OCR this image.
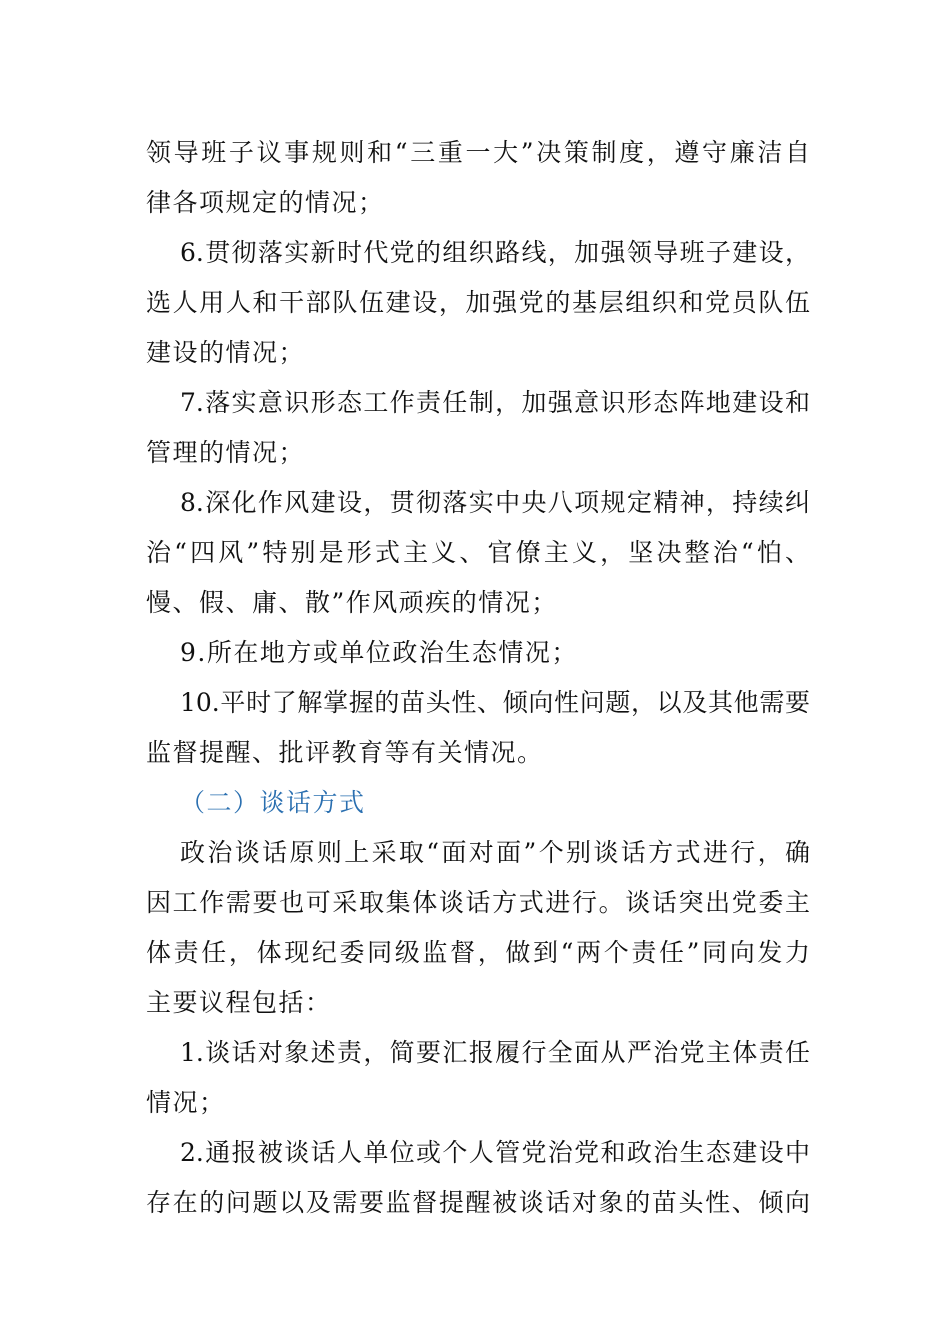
领导班子议事规则和“三重一大”决策制度，遵守廉洁自
律各项规定的情况；
6.贯彻落实新时代党的组织路线，加强领导班子建设，
选人用人和干部队伍建设，加强党的基层组织和党员队伍
建设的情况；
7.落实意识形态工作责任制，加强意识形态阵地建设和
管理的情况；
8.深化作风建设，贯彻落实中央八项规定精神，持续纠
治“四风”特别是形式主义、官僚主义，坚决整治“怕、
慢、假、庸、散”作风顽疾的情况；
9.所在地方或单位政治生态情况；
10.平时了解掌握的苗头性、倾向性问题，以及其他需要
监督提醒、批评教育等有关情况。
（二）谈话方式
政治谈话原则上采取“面对面”个别谈话方式进行，确
因工作需要也可采取集体谈话方式进行。谈话突出党委主
体责任，体现纪委同级监督，做到“两个责任”同向发力
主要议程包括：
1.谈话对象述责，简要汇报履行全面从严治党主体责任
情况；
2.通报被谈话人单位或个人管党治党和政治生态建设中
存在的问题以及需要监督提醒被谈话对象的苗头性、倾向
